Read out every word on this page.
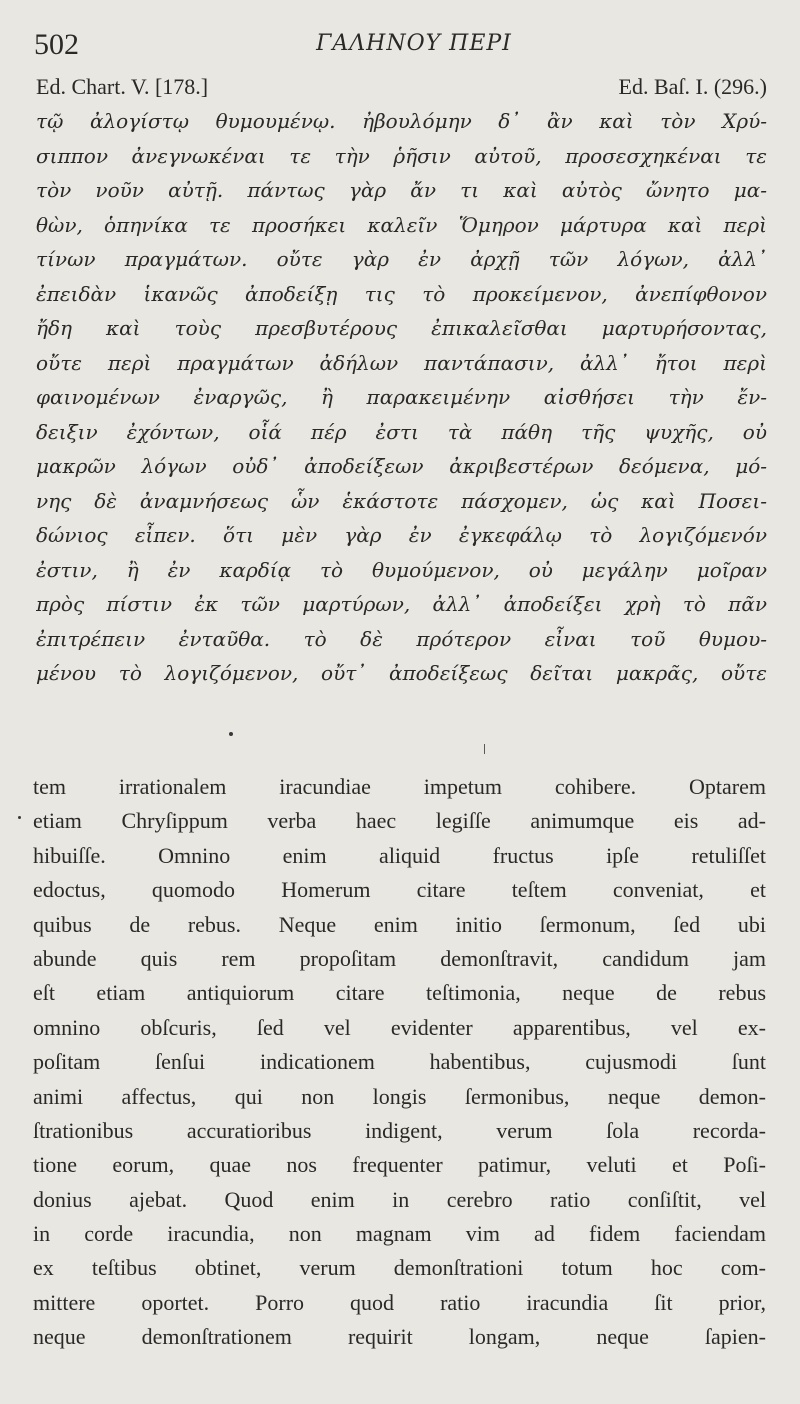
502	ΓΑΛΗΝΟΥ ΠΕΡΙ
Ed. Chart. V. [178.]	Ed. Baſ. I. (296.)
τῷ ἀλογίστῳ θυμουμένῳ. ἠβουλόμην δ᾽ ἂν καὶ τὸν Χρύ-
σιππον ἀνεγνωκέναι τε τὴν ῥῆσιν αὐτοῦ, προσεσχηκέναι τε
τὸν νοῦν αὐτῇ. πάντως γὰρ ἄν τι καὶ αὐτὸς ὤνητο μα-
θὼν, ὁπηνίκα τε προσήκει καλεῖν Ὅμηρον μάρτυρα καὶ περὶ
τίνων πραγμάτων. οὔτε γὰρ ἐν ἀρχῇ τῶν λόγων, ἀλλ᾽
ἐπειδὰν ἱκανῶς ἀποδείξῃ τις τὸ προκείμενον, ἀνεπίφθονον
ἤδη καὶ τοὺς πρεσβυτέρους ἐπικαλεῖσθαι μαρτυρήσοντας,
οὔτε περὶ πραγμάτων ἀδήλων παντάπασιν, ἀλλ᾽ ἤτοι περὶ
φαινομένων ἐναργῶς, ἢ παρακειμένην αἰσθήσει τὴν ἔν-
δειξιν ἐχόντων, οἷά πέρ ἐστι τὰ πάθη τῆς ψυχῆς, οὐ
μακρῶν λόγων οὐδ᾽ ἀποδείξεων ἀκριβεστέρων δεόμενα, μό-
νης δὲ ἀναμνήσεως ὧν ἑκάστοτε πάσχομεν, ὡς καὶ Ποσει-
δώνιος εἶπεν. ὅτι μὲν γὰρ ἐν ἐγκεφάλῳ τὸ λογιζόμενόν
ἐστιν, ἢ ἐν καρδίᾳ τὸ θυμούμενον, οὐ μεγάλην μοῖραν
πρὸς πίστιν ἐκ τῶν μαρτύρων, ἀλλ᾽ ἀποδείξει χρὴ τὸ πᾶν
ἐπιτρέπειν ἐνταῦθα. τὸ δὲ πρότερον εἶναι τοῦ θυμου-
μένου τὸ λογιζόμενον, οὔτ᾽ ἀποδείξεως δεῖται μακρᾶς, οὔτε
tem irrationalem iracundiae impetum cohibere. Optarem
etiam Chryſippum verba haec legiſſe animumque eis ad-
hibuiſſe. Omnino enim aliquid fructus ipſe retuliſſet
edoctus, quomodo Homerum citare teſtem conveniat, et
quibus de rebus. Neque enim initio ſermonum, ſed ubi
abunde quis rem propoſitam demonſtravit, candidum jam
eſt etiam antiquiorum citare teſtimonia, neque de rebus
omnino obſcuris, ſed vel evidenter apparentibus, vel ex-
poſitam ſenſui indicationem habentibus, cujusmodi ſunt
animi affectus, qui non longis ſermonibus, neque demon-
ſtrationibus accuratioribus indigent, verum ſola recorda-
tione eorum, quae nos frequenter patimur, veluti et Poſi-
donius ajebat. Quod enim in cerebro ratio conſiſtit, vel
in corde iracundia, non magnam vim ad fidem faciendam
ex teſtibus obtinet, verum demonſtrationi totum hoc com-
mittere oportet. Porro quod ratio iracundia ſit prior,
neque demonſtrationem requirit longam, neque ſapien-
